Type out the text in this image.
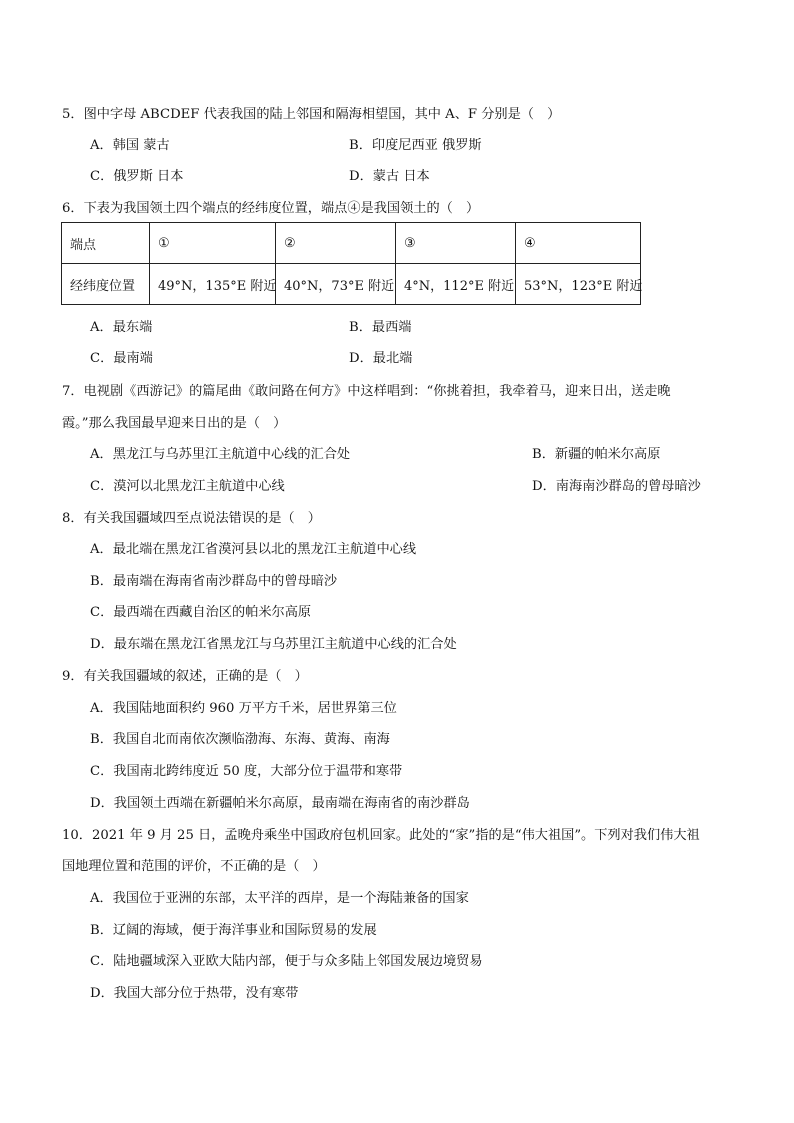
5．图中字母 ABCDEF 代表我国的陆上邻国和隔海相望国，其中 A、F 分别是（　）
A．韩国 蒙古	B．印度尼西亚 俄罗斯
C．俄罗斯 日本	D．蒙古 日本
6．下表为我国领土四个端点的经纬度位置，端点④是我国领土的（　）
端点	①	②	③	④
经纬度位置	49°N，135°E 附近	40°N，73°E 附近	4°N，112°E 附近	53°N，123°E 附近
A．最东端	B．最西端
C．最南端	D．最北端
7．电视剧《西游记》的篇尾曲《敢问路在何方》中这样唱到：“你挑着担，我牵着马，迎来日出，送走晚
霞。”那么我国最早迎来日出的是（　）
A．黑龙江与乌苏里江主航道中心线的汇合处	B．新疆的帕米尔高原
C．漠河以北黑龙江主航道中心线	D．南海南沙群岛的曾母暗沙
8．有关我国疆域四至点说法错误的是（　）
A．最北端在黑龙江省漠河县以北的黑龙江主航道中心线
B．最南端在海南省南沙群岛中的曾母暗沙
C．最西端在西藏自治区的帕米尔高原
D．最东端在黑龙江省黑龙江与乌苏里江主航道中心线的汇合处
9．有关我国疆域的叙述，正确的是（　）
A．我国陆地面积约 960 万平方千米，居世界第三位
B．我国自北而南依次濒临渤海、东海、黄海、南海
C．我国南北跨纬度近 50 度，大部分位于温带和寒带
D．我国领土西端在新疆帕米尔高原，最南端在海南省的南沙群岛
10．2021 年 9 月 25 日，孟晚舟乘坐中国政府包机回家。此处的“家”指的是“伟大祖国”。下列对我们伟大祖
国地理位置和范围的评价，不正确的是（　）
A．我国位于亚洲的东部，太平洋的西岸，是一个海陆兼备的国家
B．辽阔的海域，便于海洋事业和国际贸易的发展
C．陆地疆域深入亚欧大陆内部，便于与众多陆上邻国发展边境贸易
D．我国大部分位于热带，没有寒带
